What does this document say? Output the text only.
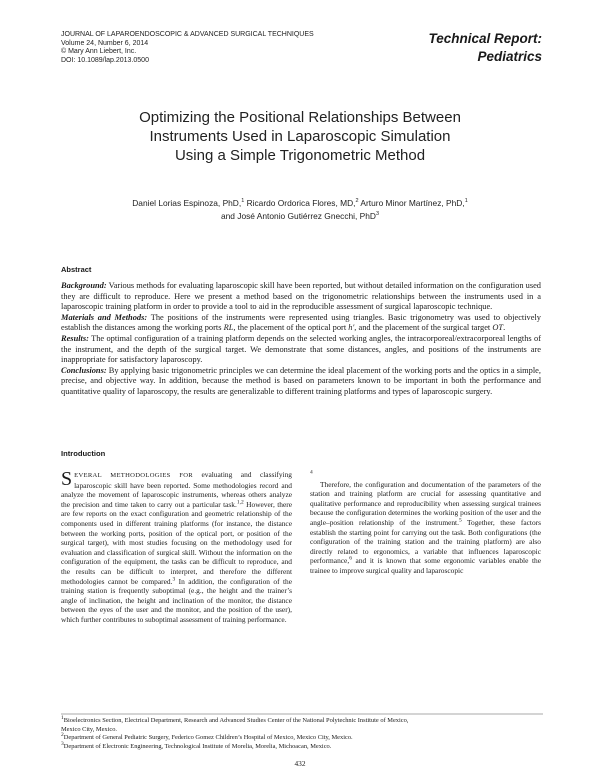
JOURNAL OF LAPAROENDOSCOPIC & ADVANCED SURGICAL TECHNIQUES
Volume 24, Number 6, 2014
© Mary Ann Liebert, Inc.
DOI: 10.1089/lap.2013.0500
Technical Report:
Pediatrics
Optimizing the Positional Relationships Between
Instruments Used in Laparoscopic Simulation
Using a Simple Trigonometric Method
Daniel Lorias Espinoza, PhD,$^1$ Ricardo Ordorica Flores, MD,$^2$ Arturo Minor Martínez, PhD,$^1$
and José Antonio Gutiérrez Gnecchi, PhD$^3$
Abstract

Background: Various methods for evaluating laparoscopic skill have been reported, but without detailed information on the configuration used they are difficult to reproduce. Here we present a method based on the trigonometric relationships between the instruments used in a laparoscopic training platform in order to provide a tool to aid in the reproducible assessment of surgical laparoscopic technique.

Materials and Methods: The positions of the instruments were represented using triangles. Basic trigonometry was used to objectively establish the distances among the working ports RL, the placement of the optical port h′, and the placement of the surgical target OT.

Results: The optimal configuration of a training platform depends on the selected working angles, the intracorporeal/extracorporeal lengths of the instrument, and the depth of the surgical target. We demonstrate that some distances, angles, and positions of the instruments are inappropriate for satisfactory laparoscopy.

Conclusions: By applying basic trigonometric principles we can determine the ideal placement of the working ports and the optics in a simple, precise, and objective way. In addition, because the method is based on parameters known to be important in both the performance and quantitative quality of laparoscopy, the results are generalizable to different training platforms and types of laparoscopic surgery.

Introduction

SEVERAL METHODOLOGIES FOR evaluating and classifying laparoscopic skill have been reported. Some methodologies record and analyze the movement of laparoscopic instruments, whereas others analyze the precision and time taken to carry out a particular task.$^{1,2}$ However, there are few reports on the exact configuration and geometric relationship of the components used in different training platforms (for instance, the distance between the working ports, position of the optical port, or position of the surgical target), with most studies focusing on the methodology used for evaluation and classification of surgical skill. Without the information on the configuration of the equipment, the tasks can be difficult to reproduce, and the results can be difficult to interpret, and therefore the different methodologies cannot be compared.$^3$ In addition, the configuration of the training station is frequently suboptimal (e.g., the height and the trainer’s angle of inclination, the height and inclination of the monitor, the distance between the eyes of the user and the monitor, and the position of the user), which further contributes to suboptimal assessment of training performance.

$^4$

Therefore, the configuration and documentation of the parameters of the station and training platform are crucial for assessing quantitative and qualitative performance and reproducibility when assessing surgical trainees because the configuration determines the working position of the user and the angle–position relationship of the instrument.$^5$ Together, these factors establish the starting point for carrying out the task. Both configurations (the configuration of the training station and the training platform) are also directly related to ergonomics, a variable that influences laparoscopic performance,$^6$ and it is known that some ergonomic variables enable the trainee to improve surgical quality and laparoscopic

$^1$Bioelectronics Section, Electrical Department, Research and Advanced Studies Center of the National Polytechnic Institute of Mexico,
Mexico City, Mexico.
$^2$Department of General Pediatric Surgery, Federico Gomez Children’s Hospital of Mexico, Mexico City, Mexico.
$^3$Department of Electronic Engineering, Technological Institute of Morelia, Morelia, Michoacan, Mexico.
432
